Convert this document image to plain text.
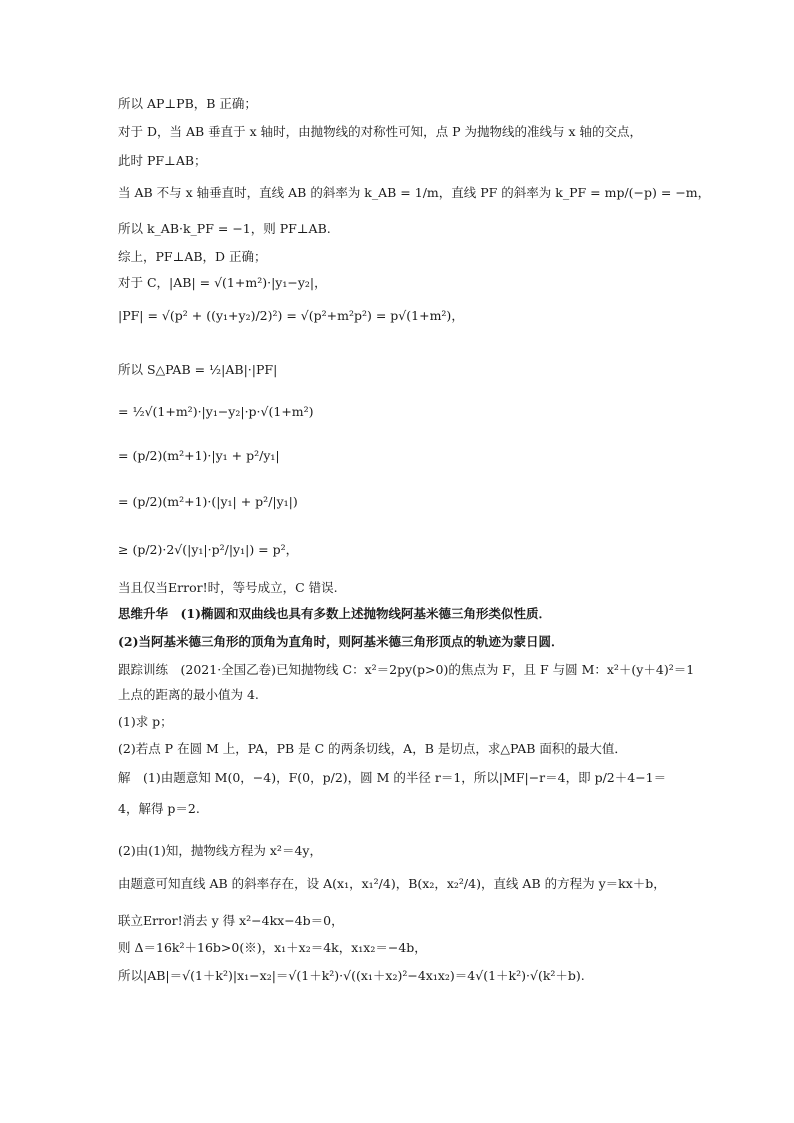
所以 AP⊥PB，B 正确；
对于 D，当 AB 垂直于 x 轴时，由抛物线的对称性可知，点 P 为抛物线的准线与 x 轴的交点，
此时 PF⊥AB；
当 AB 不与 x 轴垂直时，直线 AB 的斜率为 k_AB = 1/m，直线 PF 的斜率为 k_PF = mp/(−p) = −m，
所以 k_AB·k_PF = −1，则 PF⊥AB.
综上，PF⊥AB，D 正确；
对于 C，|AB| = √(1+m²)·|y₁−y₂|，
|PF| = √(p² + ((y₁+y₂)/2)²) = √(p²+m²p²) = p√(1+m²)，
所以 S△PAB = ½|AB|·|PF|
= ½√(1+m²)·|y₁−y₂|·p·√(1+m²)
= (p/2)(m²+1)·|y₁ + p²/y₁|
= (p/2)(m²+1)·(|y₁| + p²/|y₁|)
≥ (p/2)·2√(|y₁|·p²/|y₁|) = p²，
当且仅当Error!时，等号成立，C 错误.
思维升华　(1)椭圆和双曲线也具有多数上述抛物线阿基米德三角形类似性质．
(2)当阿基米德三角形的顶角为直角时，则阿基米德三角形顶点的轨迹为蒙日圆．
跟踪训练　(2021·全国乙卷)已知抛物线 C：x²＝2py(p>0)的焦点为 F，且 F 与圆 M：x²＋(y＋4)²＝1
上点的距离的最小值为 4.
(1)求 p；
(2)若点 P 在圆 M 上，PA，PB 是 C 的两条切线，A，B 是切点，求△PAB 面积的最大值．
解　(1)由题意知 M(0，−4)，F(0，p/2)，圆 M 的半径 r＝1，所以|MF|−r＝4，即 p/2＋4−1＝
4，解得 p＝2.
(2)由(1)知，抛物线方程为 x²＝4y，
由题意可知直线 AB 的斜率存在，设 A(x₁，x₁²/4)，B(x₂，x₂²/4)，直线 AB 的方程为 y＝kx＋b，
联立Error!消去 y 得 x²−4kx−4b＝0，
则 Δ＝16k²＋16b>0(※)，x₁＋x₂＝4k，x₁x₂＝−4b，
所以|AB|＝√(1＋k²)|x₁−x₂|＝√(1＋k²)·√((x₁＋x₂)²−4x₁x₂)＝4√(1＋k²)·√(k²＋b).
